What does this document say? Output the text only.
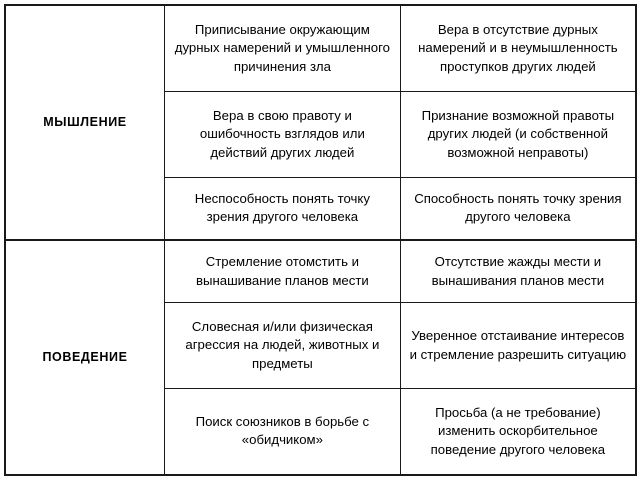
МЫШЛЕНИЕ	Приписывание окружающим дурных намерений и умышленного причинения зла	Вера в отсутствие дурных намерений и в неумышленность проступков других людей
	Вера в свою правоту и ошибочность взглядов или действий других людей	Признание возможной правоты других людей (и собственной возможной неправоты)
	Неспособность понять точку зрения другого человека	Способность понять точку зрения другого человека
ПОВЕДЕНИЕ	Стремление отомстить и вынашивание планов мести	Отсутствие жажды мести и вынашивания планов мести
	Словесная и/или физическая агрессия на людей, животных и предметы	Уверенное отстаивание интересов и стремление разрешить ситуацию
	Поиск союзников в борьбе с «обидчиком»	Просьба (а не требование) изменить оскорбительное поведение другого человека
